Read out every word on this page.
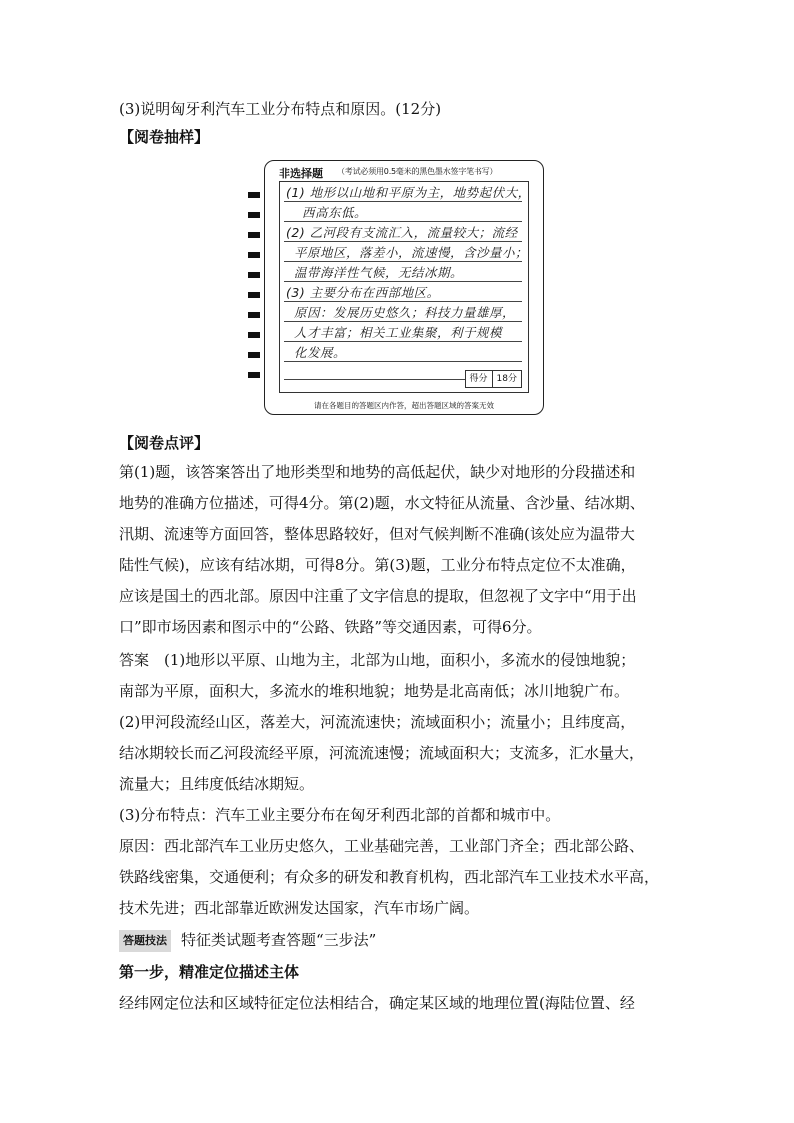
(3)说明匈牙利汽车工业分布特点和原因。(12分)
【阅卷抽样】
非选择题 （考试必须用0.5毫米的黑色墨水签字笔书写）
(1) 地形以山地和平原为主，地势起伏大，
西高东低。
(2) 乙河段有支流汇入，流量较大；流经
平原地区，落差小，流速慢，含沙量小；
温带海洋性气候，无结冰期。
(3) 主要分布在西部地区。
原因：发展历史悠久；科技力量雄厚，
人才丰富；相关工业集聚，利于规模
化发展。
得分	18分
请在各题目的答题区内作答，超出答题区域的答案无效
【阅卷点评】
第(1)题，该答案答出了地形类型和地势的高低起伏，缺少对地形的分段描述和
地势的准确方位描述，可得4分。第(2)题，水文特征从流量、含沙量、结冰期、
汛期、流速等方面回答，整体思路较好，但对气候判断不准确(该处应为温带大
陆性气候)，应该有结冰期，可得8分。第(3)题，工业分布特点定位不太准确，
应该是国土的西北部。原因中注重了文字信息的提取，但忽视了文字中“用于出
口”即市场因素和图示中的“公路、铁路”等交通因素，可得6分。
答案　(1)地形以平原、山地为主，北部为山地，面积小，多流水的侵蚀地貌；
南部为平原，面积大，多流水的堆积地貌；地势是北高南低；冰川地貌广布。
(2)甲河段流经山区，落差大，河流流速快；流域面积小；流量小；且纬度高，
结冰期较长而乙河段流经平原，河流流速慢；流域面积大；支流多，汇水量大，
流量大；且纬度低结冰期短。
(3)分布特点：汽车工业主要分布在匈牙利西北部的首都和城市中。
原因：西北部汽车工业历史悠久，工业基础完善，工业部门齐全；西北部公路、
铁路线密集，交通便利；有众多的研发和教育机构，西北部汽车工业技术水平高，
技术先进；西北部靠近欧洲发达国家，汽车市场广阔。
答题技法 特征类试题考查答题“三步法”
第一步，精准定位描述主体
经纬网定位法和区域特征定位法相结合，确定某区域的地理位置(海陆位置、经
